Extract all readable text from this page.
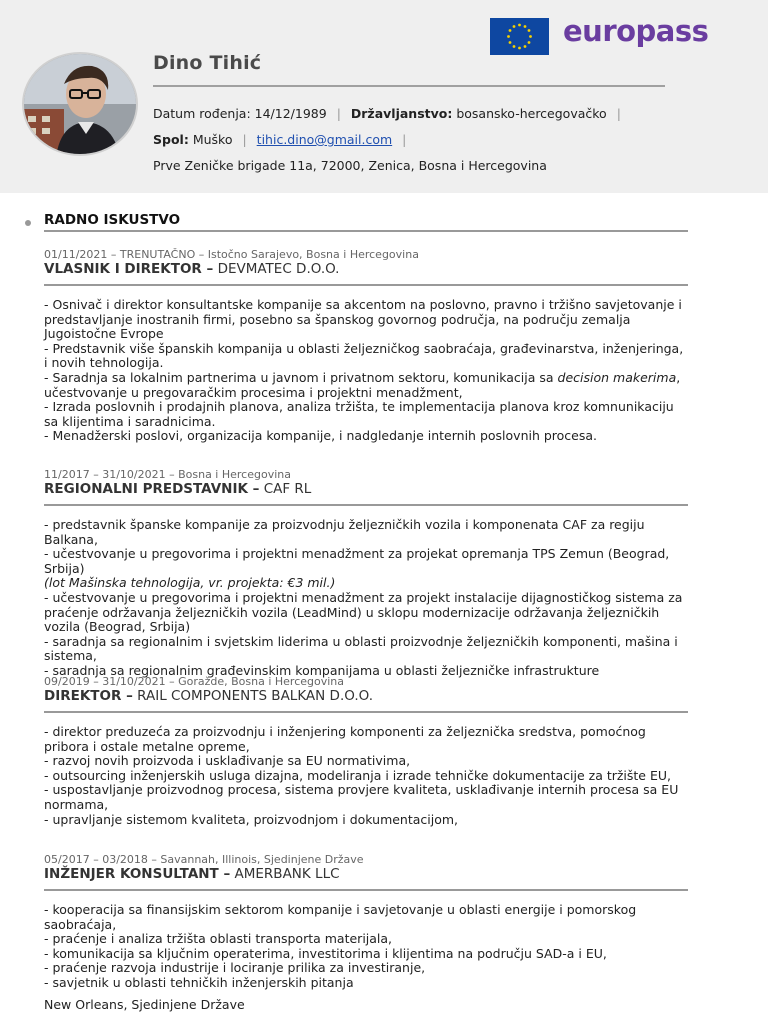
Dino Tihić
europass
Datum rođenja: 14/12/1989 | Državljanstvo: bosansko-hercegovačko |
Spol: Muško | tihic.dino@gmail.com |
Prve Zeničke brigade 11a, 72000, Zenica, Bosna i Hercegovina
RADNO ISKUSTVO
01/11/2021 – TRENUTAČNO – Istočno Sarajevo, Bosna i Hercegovina
VLASNIK I DIREKTOR – DEVMATEC D.O.O.
- Osnivač i direktor konsultantske kompanije sa akcentom na poslovno, pravno i tržišno savjetovanje i predstavljanje inostranih firmi, posebno sa španskog govornog područja, na području zemalja Jugoistočne Evrope
- Predstavnik više španskih kompanija u oblasti željezničkog saobraćaja, građevinarstva, inženjeringa, i novih tehnologija.
- Saradnja sa lokalnim partnerima u javnom i privatnom sektoru, komunikacija sa decision makerima,
učestvovanje u pregovaračkim procesima i projektni menadžment,
- Izrada poslovnih i prodajnih planova, analiza tržišta, te implementacija planova kroz komnunikaciju sa klijentima i saradnicima.
- Menadžerski poslovi, organizacija kompanije, i nadgledanje internih poslovnih procesa.
11/2017 – 31/10/2021 – Bosna i Hercegovina
REGIONALNI PREDSTAVNIK – CAF RL
- predstavnik španske kompanije za proizvodnju željezničkih vozila i komponenata CAF za regiju Balkana,
- učestvovanje u pregovorima i projektni menadžment za projekat opremanja TPS Zemun (Beograd, Srbija)
(lot Mašinska tehnologija, vr. projekta: €3 mil.)
- učestvovanje u pregovorima i projektni menadžment za projekt instalacije dijagnostičkog sistema za praćenje održavanja željezničkih vozila (LeadMind) u sklopu modernizacije održavanja željezničkih vozila (Beograd, Srbija)
- saradnja sa regionalnim i svjetskim liderima u oblasti proizvodnje željezničkih komponenti, mašina i sistema,
- saradnja sa regionalnim građevinskim kompanijama u oblasti željezničke infrastrukture
09/2019 – 31/10/2021 – Goražde, Bosna i Hercegovina
DIREKTOR – RAIL COMPONENTS BALKAN D.O.O.
- direktor preduzeća za proizvodnju i inženjering komponenti za željeznička sredstva, pomoćnog pribora i ostale metalne opreme,
- razvoj novih proizvoda i usklađivanje sa EU normativima,
- outsourcing inženjerskih usluga dizajna, modeliranja i izrade tehničke dokumentacije za tržište EU,
- uspostavljanje proizvodnog procesa, sistema provjere kvaliteta, usklađivanje internih procesa sa EU normama,
- upravljanje sistemom kvaliteta, proizvodnjom i dokumentacijom,
05/2017 – 03/2018 – Savannah, Illinois, Sjedinjene Države
INŽENJER KONSULTANT – AMERBANK LLC
- kooperacija sa finansijskim sektorom kompanije i savjetovanje u oblasti energije i pomorskog saobraćaja,
- praćenje i analiza tržišta oblasti transporta materijala,
- komunikacija sa ključnim operaterima, investitorima i klijentima na području SAD-a i EU,
- praćenje razvoja industrije i lociranje prilika za investiranje,
- savjetnik u oblasti tehničkih inženjerskih pitanja
New Orleans, Sjedinjene Države
